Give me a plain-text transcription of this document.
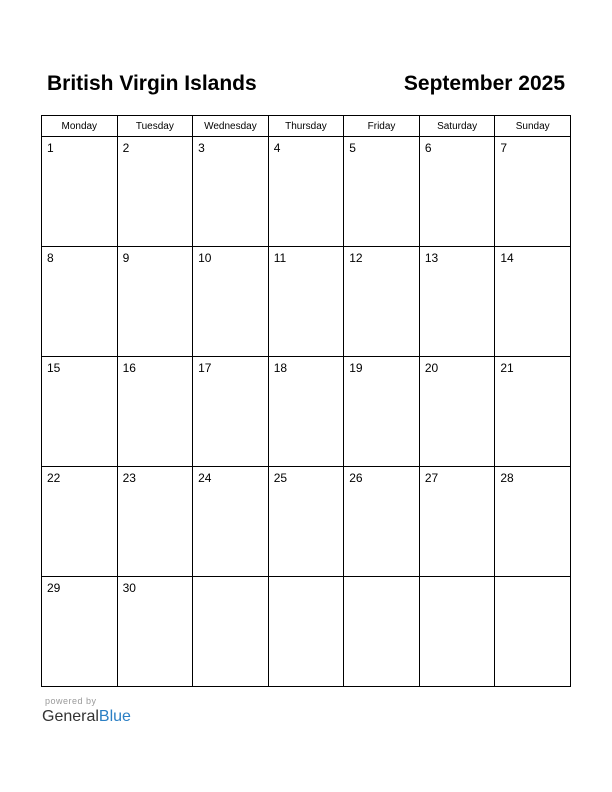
British Virgin Islands	September 2025
Monday	Tuesday	Wednesday	Thursday	Friday	Saturday	Sunday

1	2	3	4	5	6	7

8	9	10	11	12	13	14

15	16	17	18	19	20	21

22	23	24	25	26	27	28

29	30					

powered by
GeneralBlue
